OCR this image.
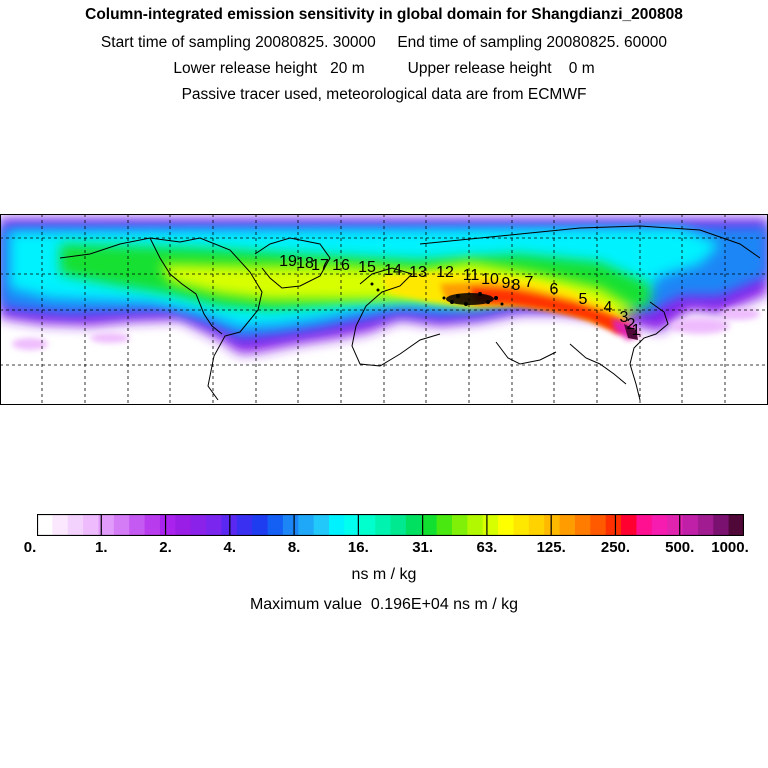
Column-integrated emission sensitivity in global domain for Shangdianzi_200808
Start time of sampling 20080825. 30000     End time of sampling 20080825. 60000
Lower release height   20 m          Upper release height    0 m
Passive tracer used, meteorological data are from ECMWF
19 18
17 16 15 14 13 12 11 10 9 8 7 6
5 4
3
2
1
0.	1.	2.	4.	8.	16.	31.	63.	125. 250. 500. 1000.
ns m / kg
Maximum value  0.196E+04 ns m / kg
